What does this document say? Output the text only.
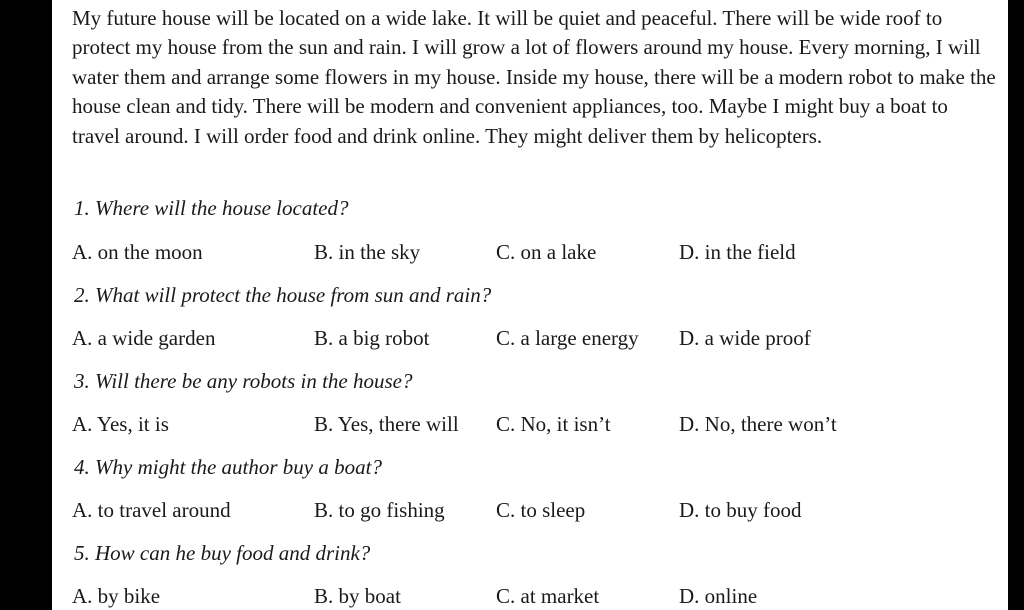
My future house will be located on a wide lake. It will be quiet and peaceful. There will be wide roof to protect my house from the sun and rain. I will grow a lot of flowers around my house. Every morning, I will water them and arrange some flowers in my house. Inside my house, there will be a modern robot to make the house clean and tidy. There will be modern and convenient appliances, too. Maybe I might buy a boat to travel around. I will order food and drink online. They might deliver them by helicopters.

1. Where will the house located?

A. on the moon	B. in the sky	C. on a lake	D. in the field

2. What will protect the house from sun and rain?

A. a wide garden	B. a big robot	C. a large energy D. a wide proof

3. Will there be any robots in the house?

A. Yes, it is	B. Yes, there will C. No, it isn’t	D. No, there won’t

4. Why might the author buy a boat?

A. to travel around	B. to go fishing C. to sleep	D. to buy food

5. How can he buy food and drink?

A. by bike	B. by boat	C. at market	D. online
